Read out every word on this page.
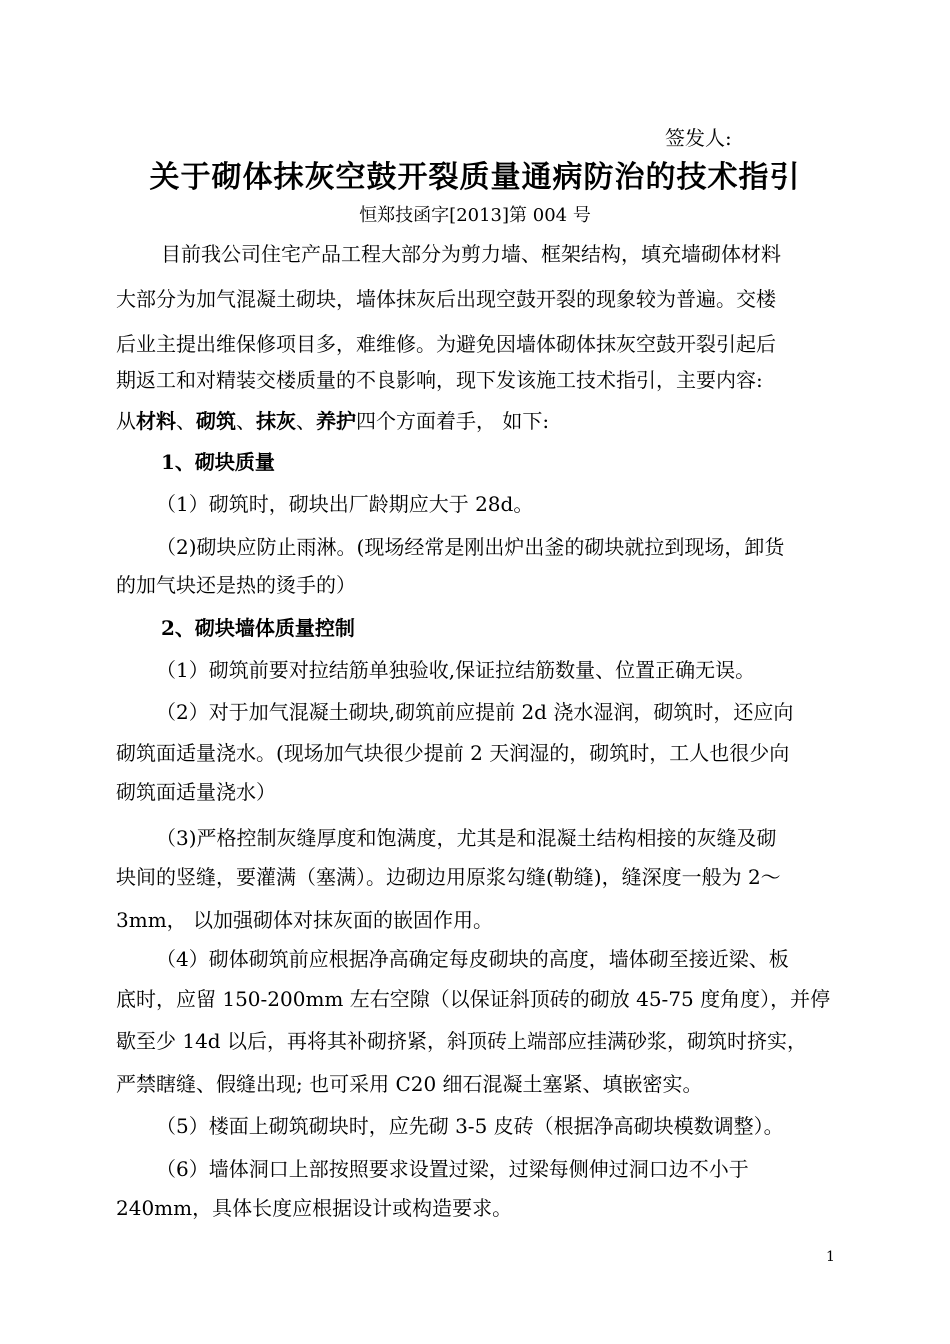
签发人:
关于砌体抹灰空鼓开裂质量通病防治的技术指引
恒郑技函字[2013]第 004 号
目前我公司住宅产品工程大部分为剪力墙、框架结构，填充墙砌体材料
大部分为加气混凝土砌块，墙体抹灰后出现空鼓开裂的现象较为普遍。交楼
后业主提出维保修项目多，难维修。为避免因墙体砌体抹灰空鼓开裂引起后
期返工和对精装交楼质量的不良影响，现下发该施工技术指引，主要内容:
从材料、砌筑、抹灰、养护四个方面着手， 如下:
1、砌块质量
（1）砌筑时，砌块出厂龄期应大于 28d。
（2)砌块应防止雨淋。(现场经常是刚出炉出釜的砌块就拉到现场，卸货
的加气块还是热的烫手的）
2、砌块墙体质量控制
（1）砌筑前要对拉结筋单独验收,保证拉结筋数量、位置正确无误。
（2）对于加气混凝土砌块,砌筑前应提前 2d 浇水湿润，砌筑时，还应向
砌筑面适量浇水。(现场加气块很少提前 2 天润湿的，砌筑时，工人也很少向
砌筑面适量浇水）
（3)严格控制灰缝厚度和饱满度，尤其是和混凝土结构相接的灰缝及砌
块间的竖缝，要灌满（塞满）。边砌边用原浆勾缝(勒缝)，缝深度一般为 2～
3mm， 以加强砌体对抹灰面的嵌固作用。
（4）砌体砌筑前应根据净高确定每皮砌块的高度，墙体砌至接近梁、板
底时，应留 150-200mm 左右空隙（以保证斜顶砖的砌放 45-75 度角度），并停
歇至少 14d 以后，再将其补砌挤紧，斜顶砖上端部应挂满砂浆，砌筑时挤实，
严禁瞎缝、假缝出现; 也可采用 C20 细石混凝土塞紧、填嵌密实。
（5）楼面上砌筑砌块时，应先砌 3-5 皮砖（根据净高砌块模数调整）。
（6）墙体洞口上部按照要求设置过梁，过梁每侧伸过洞口边不小于
240mm，具体长度应根据设计或构造要求。
1
